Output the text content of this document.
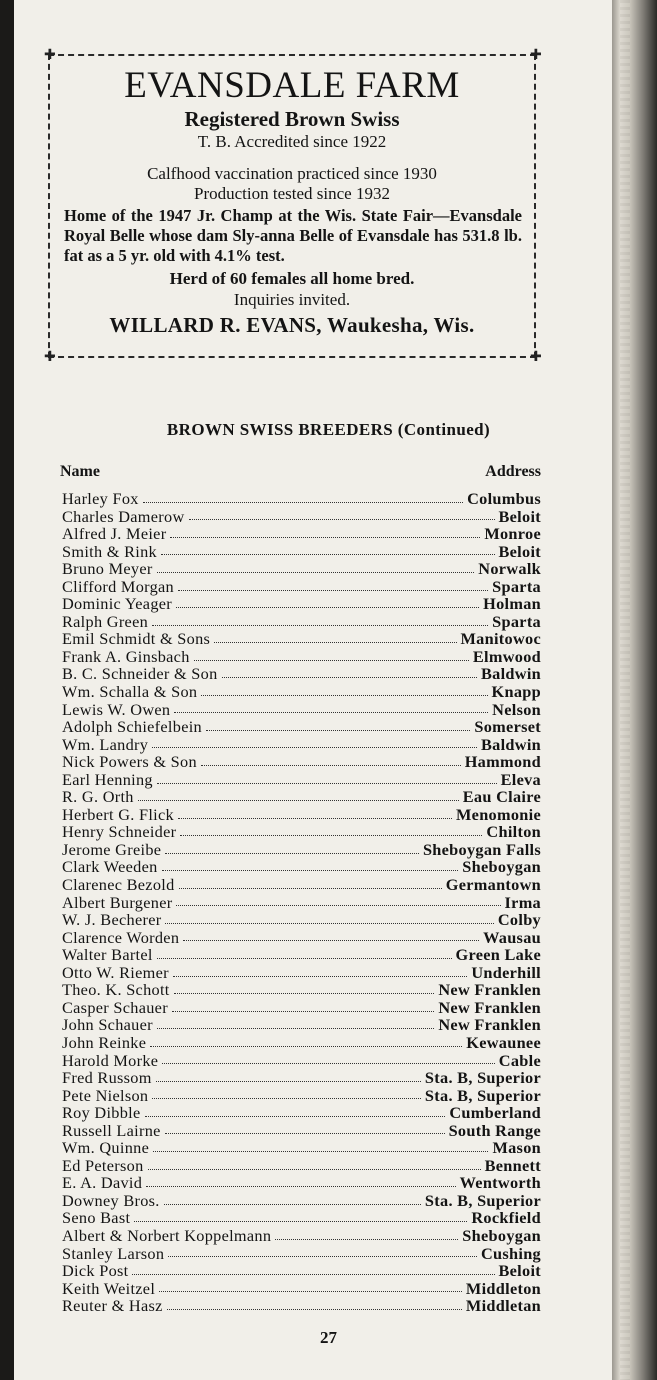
✚	✚
✚	✚
EVANSDALE FARM
Registered Brown Swiss
T. B. Accredited since 1922
Calfhood vaccination practiced since 1930
Production tested since 1932
Home of the 1947 Jr. Champ at the Wis. State Fair—Evansdale Royal Belle whose dam Sly-anna Belle of Evansdale has 531.8 lb. fat as a 5 yr. old with 4.1% test.
Herd of 60 females all home bred.
Inquiries invited.
WILLARD R. EVANS, Waukesha, Wis.
BROWN SWISS BREEDERS (Continued)
Name	Address
Harley Fox	Columbus
Charles Damerow	Beloit
Alfred J. Meier	Monroe
Smith & Rink	Beloit
Bruno Meyer	Norwalk
Clifford Morgan	Sparta
Dominic Yeager	Holman
Ralph Green	Sparta
Emil Schmidt & Sons	Manitowoc
Frank A. Ginsbach	Elmwood
B. C. Schneider & Son	Baldwin
Wm. Schalla & Son	Knapp
Lewis W. Owen	Nelson
Adolph Schiefelbein	Somerset
Wm. Landry	Baldwin
Nick Powers & Son	Hammond
Earl Henning	Eleva
R. G. Orth	Eau Claire
Herbert G. Flick	Menomonie
Henry Schneider	Chilton
Jerome Greibe	Sheboygan Falls
Clark Weeden	Sheboygan
Clarenec Bezold	Germantown
Albert Burgener	Irma
W. J. Becherer	Colby
Clarence Worden	Wausau
Walter Bartel	Green Lake
Otto W. Riemer	Underhill
Theo. K. Schott	New Franklen
Casper Schauer	New Franklen
John Schauer	New Franklen
John Reinke	Kewaunee
Harold Morke	Cable
Fred Russom	Sta. B, Superior
Pete Nielson	Sta. B, Superior
Roy Dibble	Cumberland
Russell Lairne	South Range
Wm. Quinne	Mason
Ed Peterson	Bennett
E. A. David	Wentworth
Downey Bros.	Sta. B, Superior
Seno Bast	Rockfield
Albert & Norbert Koppelmann	Sheboygan
Stanley Larson	Cushing
Dick Post	Beloit
Keith Weitzel	Middleton
Reuter & Hasz	Middletan
27
